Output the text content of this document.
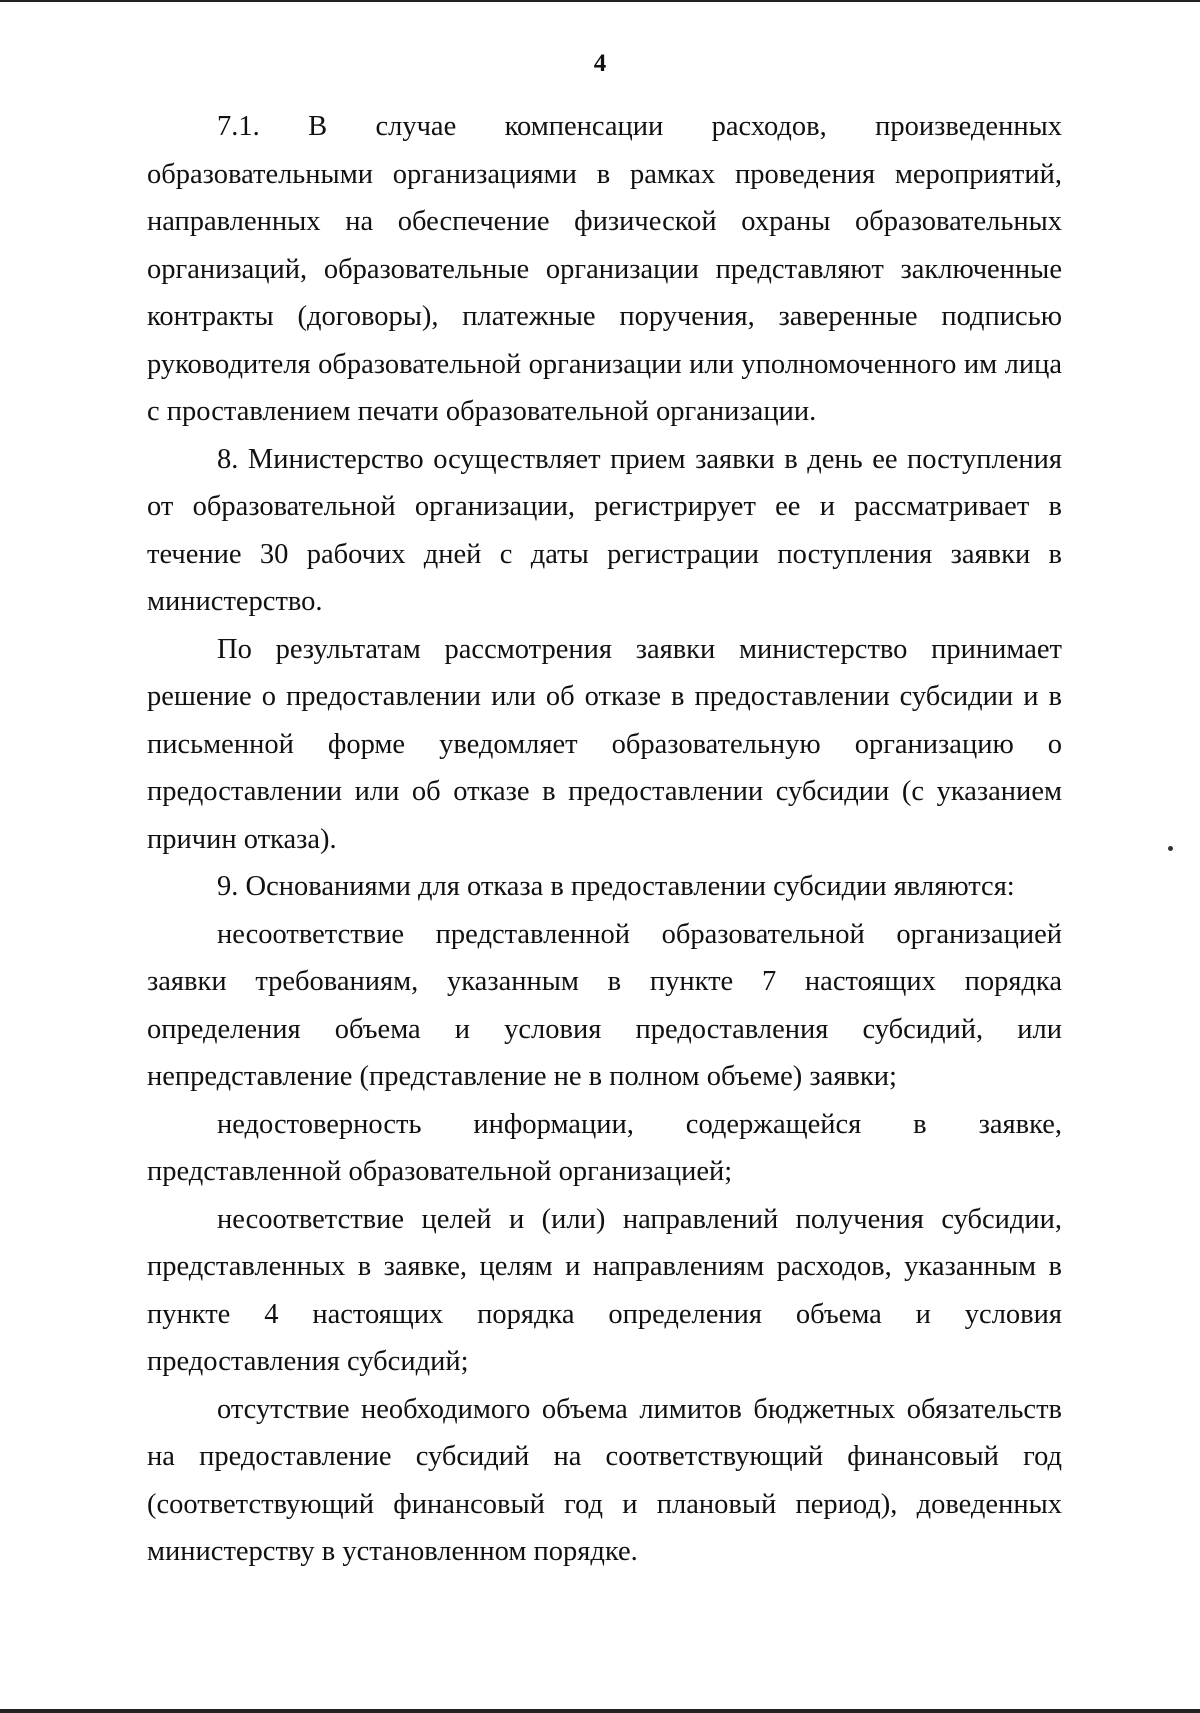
4

7.1. В случае компенсации расходов, произведенных образовательными организациями в рамках проведения мероприятий, направленных на обеспечение физической охраны образовательных организаций, образовательные организации представляют заключенные контракты (договоры), платежные поручения, заверенные подписью руководителя образовательной организации или уполномоченного им лица с проставлением печати образовательной организации.

8. Министерство осуществляет прием заявки в день ее поступления от образовательной организации, регистрирует ее и рассматривает в течение 30 рабочих дней с даты регистрации поступления заявки в министерство.

По результатам рассмотрения заявки министерство принимает решение о предоставлении или об отказе в предоставлении субсидии и в письменной форме уведомляет образовательную организацию о предоставлении или об отказе в предоставлении субсидии (с указанием причин отказа).

9. Основаниями для отказа в предоставлении субсидии являются:

несоответствие представленной образовательной организацией заявки требованиям, указанным в пункте 7 настоящих порядка определения объема и условия предоставления субсидий, или непредставление (представление не в полном объеме) заявки;

недостоверность информации, содержащейся в заявке, представленной образовательной организацией;

несоответствие целей и (или) направлений получения субсидии, представленных в заявке, целям и направлениям расходов, указанным в пункте 4 настоящих порядка определения объема и условия предоставления субсидий;

отсутствие необходимого объема лимитов бюджетных обязательств на предоставление субсидий на соответствующий финансовый год (соответствующий финансовый год и плановый период), доведенных министерству в установленном порядке.
